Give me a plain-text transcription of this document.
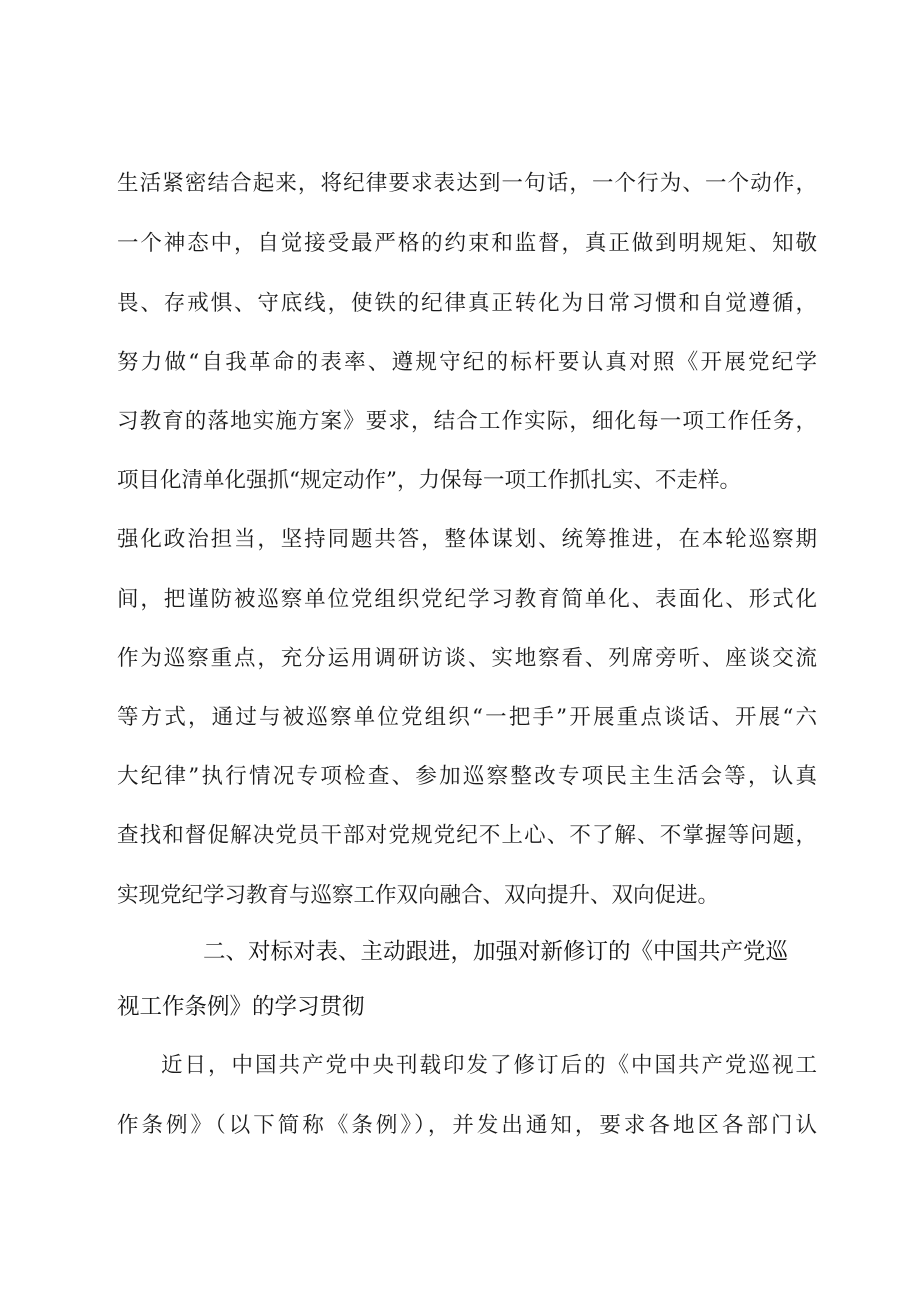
生活紧密结合起来，将纪律要求表达到一句话，一个行为、一个动作，
一个神态中，自觉接受最严格的约束和监督，真正做到明规矩、知敬
畏、存戒惧、守底线，使铁的纪律真正转化为日常习惯和自觉遵循，
努力做“自我革命的表率、遵规守纪的标杆要认真对照《开展党纪学
习教育的落地实施方案》要求，结合工作实际，细化每一项工作任务，
项目化清单化强抓“规定动作”，力保每一项工作抓扎实、不走样。
强化政治担当，坚持同题共答，整体谋划、统筹推进，在本轮巡察期
间，把谨防被巡察单位党组织党纪学习教育简单化、表面化、形式化
作为巡察重点，充分运用调研访谈、实地察看、列席旁听、座谈交流
等方式，通过与被巡察单位党组织“一把手”开展重点谈话、开展“六
大纪律”执行情况专项检查、参加巡察整改专项民主生活会等，认真
查找和督促解决党员干部对党规党纪不上心、不了解、不掌握等问题，
实现党纪学习教育与巡察工作双向融合、双向提升、双向促进。
二、对标对表、主动跟进，加强对新修订的《中国共产党巡
视工作条例》的学习贯彻
近日，中国共产党中央刊载印发了修订后的《中国共产党巡视工
作条例》（以下简称《条例》），并发出通知，要求各地区各部门认
